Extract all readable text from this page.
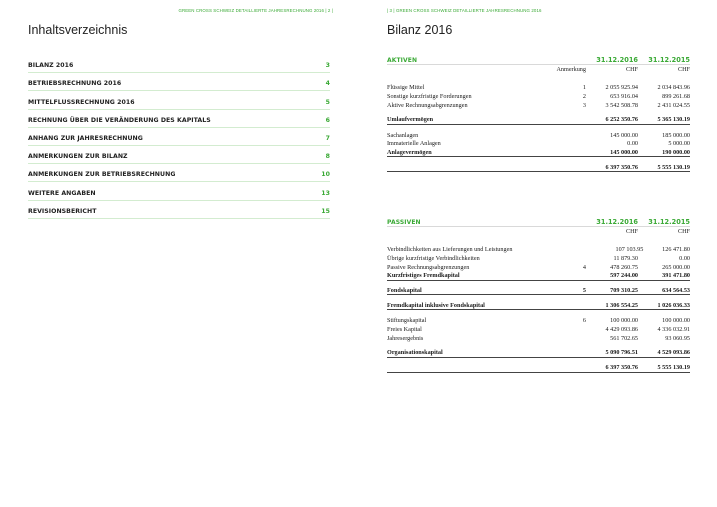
GREEN CROSS SCHWEIZ DETAILLIERTE JAHRESRECHNUNG 2016 | 2 |
Inhaltsverzeichnis
BILANZ 2016	3
BETRIEBSRECHNUNG 2016	4
MITTELFLUSSRECHNUNG 2016	5
RECHNUNG ÜBER DIE VERÄNDERUNG DES KAPITALS	6
ANHANG ZUR JAHRESRECHNUNG	7
ANMERKUNGEN ZUR BILANZ	8
ANMERKUNGEN ZUR BETRIEBSRECHNUNG	10
WEITERE ANGABEN	13
REVISIONSBERICHT	15
| 3 | GREEN CROSS SCHWEIZ DETAILLIERTE JAHRESRECHNUNG 2016
Bilanz 2016
AKTIVEN	31.12.2016	31.12.2015
Anmerkung	CHF	CHF
Flüssige Mittel	1	2 055 925.94	2 034 843.96
Sonstige kurzfristige Forderungen	2	653 916.04	899 261.68
Aktive Rechnungsabgrenzungen	3	3 542 508.78	2 431 024.55
Umlaufvermögen	6 252 350.76	5 365 130.19
Sachanlagen	145 000.00	185 000.00
Immaterielle Anlagen	0.00	5 000.00
Anlagevermögen	145 000.00	190 000.00
6 397 350.76	5 555 130.19
PASSIVEN	31.12.2016	31.12.2015
CHF	CHF
Verbindlichkeiten aus Lieferungen und Leistungen	107 103.95	126 471.80
Übrige kurzfristige Verbindlichkeiten	11 879.30	0.00
Passive Rechnungsabgrenzungen	4	478 260.75	265 000.00
Kurzfristiges Fremdkapital	597 244.00	391 471.80
Fondskapital	5	709 310.25	634 564.53
Fremdkapital inklusive Fondskapital	1 306 554.25	1 026 036.33
Stiftungskapital	6	100 000.00	100 000.00
Freies Kapital	4 429 093.86	4 336 032.91
Jahresergebnis	561 702.65	93 060.95
Organisationskapital	5 090 796.51	4 529 093.86
6 397 350.76	5 555 130.19
